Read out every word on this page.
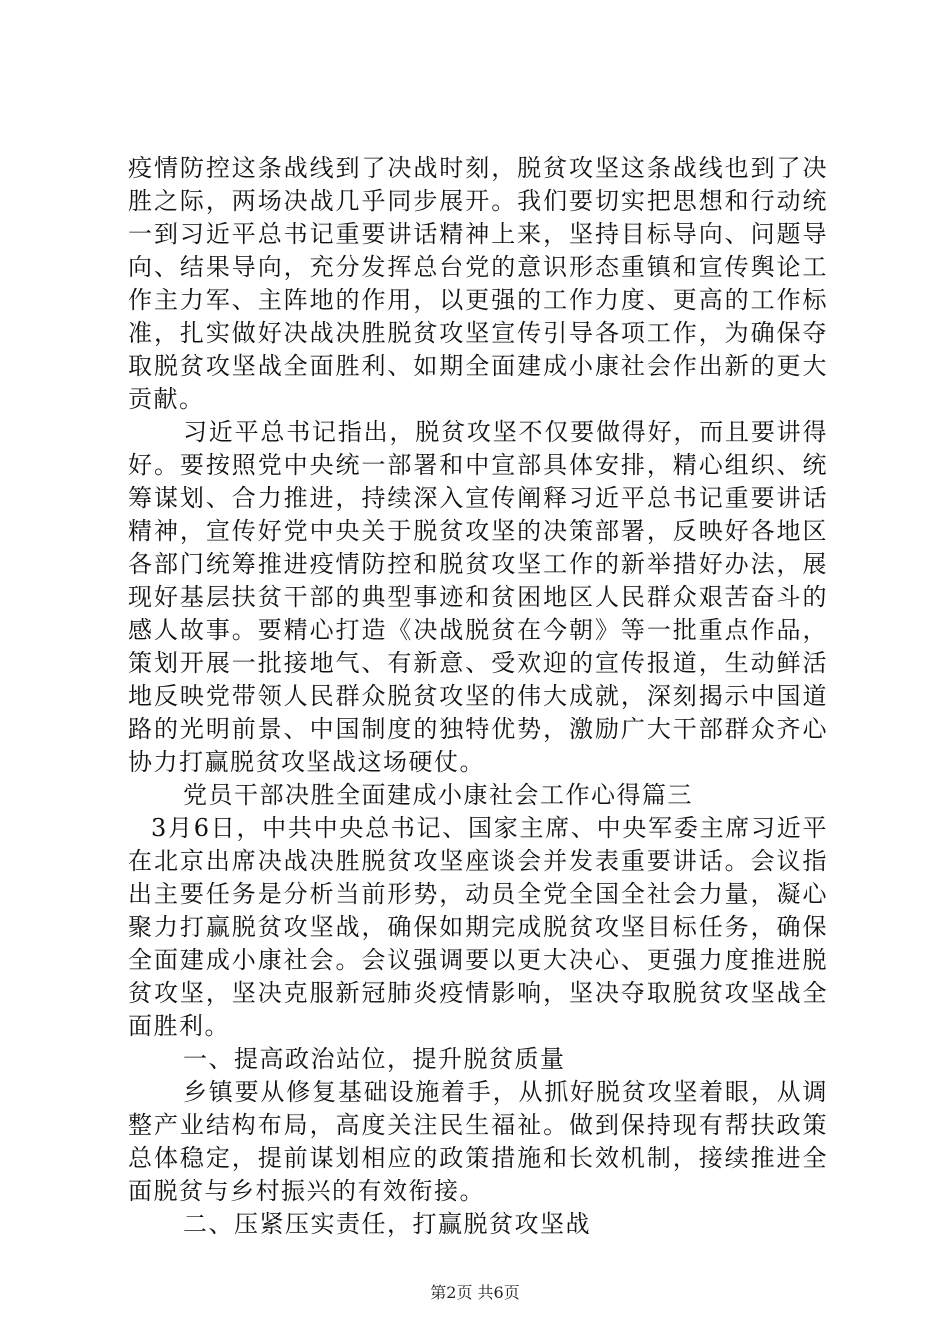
疫情防控这条战线到了决战时刻，脱贫攻坚这条战线也到了决胜之际，两场决战几乎同步展开。我们要切实把思想和行动统一到习近平总书记重要讲话精神上来，坚持目标导向、问题导向、结果导向，充分发挥总台党的意识形态重镇和宣传舆论工作主力军、主阵地的作用，以更强的工作力度、更高的工作标准，扎实做好决战决胜脱贫攻坚宣传引导各项工作，为确保夺取脱贫攻坚战全面胜利、如期全面建成小康社会作出新的更大贡献。

习近平总书记指出，脱贫攻坚不仅要做得好，而且要讲得好。要按照党中央统一部署和中宣部具体安排，精心组织、统筹谋划、合力推进，持续深入宣传阐释习近平总书记重要讲话精神，宣传好党中央关于脱贫攻坚的决策部署，反映好各地区各部门统筹推进疫情防控和脱贫攻坚工作的新举措好办法，展现好基层扶贫干部的典型事迹和贫困地区人民群众艰苦奋斗的感人故事。要精心打造《决战脱贫在今朝》等一批重点作品，策划开展一批接地气、有新意、受欢迎的宣传报道，生动鲜活地反映党带领人民群众脱贫攻坚的伟大成就，深刻揭示中国道路的光明前景、中国制度的独特优势，激励广大干部群众齐心协力打赢脱贫攻坚战这场硬仗。

党员干部决胜全面建成小康社会工作心得篇三

3月6日，中共中央总书记、国家主席、中央军委主席习近平在北京出席决战决胜脱贫攻坚座谈会并发表重要讲话。会议指出主要任务是分析当前形势，动员全党全国全社会力量，凝心聚力打赢脱贫攻坚战，确保如期完成脱贫攻坚目标任务，确保全面建成小康社会。会议强调要以更大决心、更强力度推进脱贫攻坚，坚决克服新冠肺炎疫情影响，坚决夺取脱贫攻坚战全面胜利。

一、提高政治站位，提升脱贫质量

乡镇要从修复基础设施着手，从抓好脱贫攻坚着眼，从调整产业结构布局，高度关注民生福祉。做到保持现有帮扶政策总体稳定，提前谋划相应的政策措施和长效机制，接续推进全面脱贫与乡村振兴的有效衔接。

二、压紧压实责任，打赢脱贫攻坚战

第2页 共6页
